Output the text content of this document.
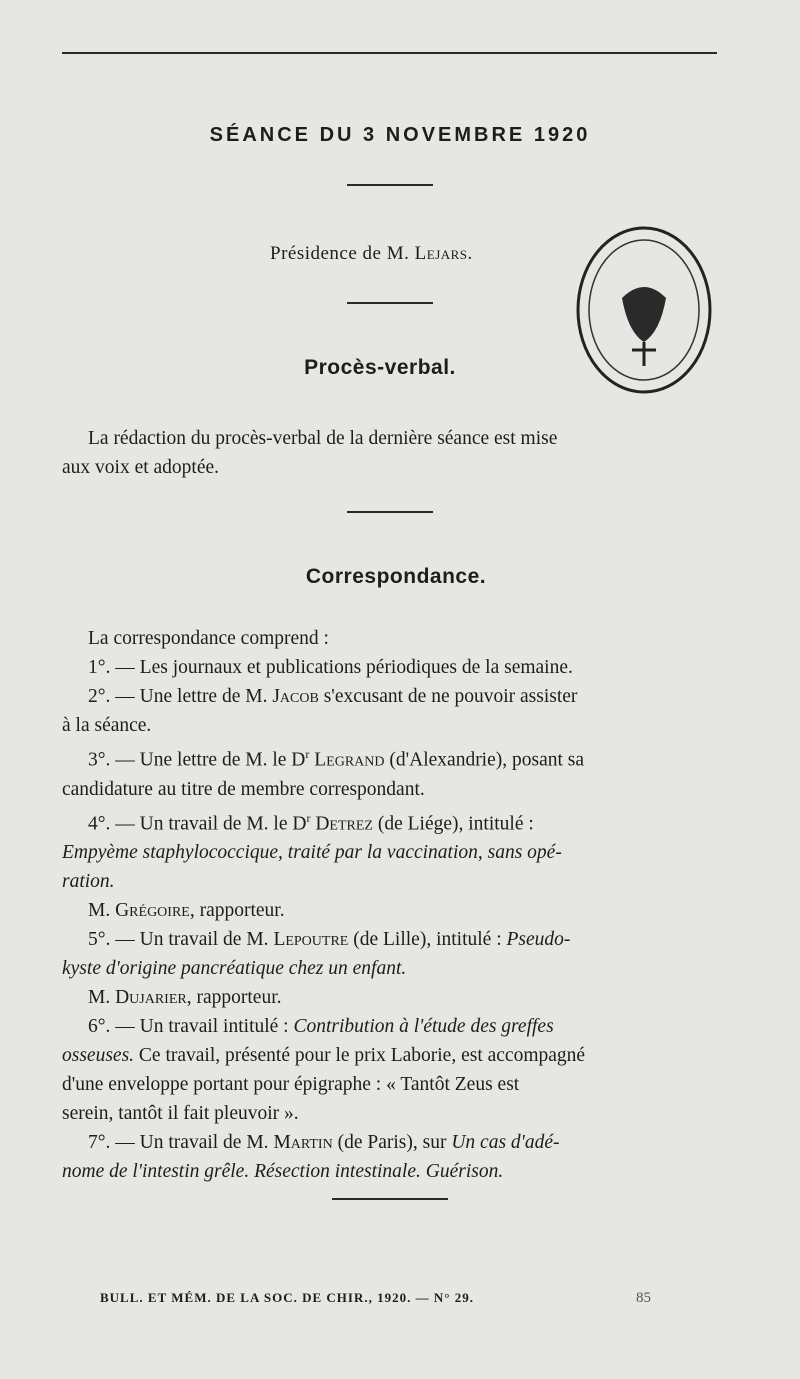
SÉANCE DU 3 NOVEMBRE 1920
Présidence de M. Lejars.
Procès-verbal.
La rédaction du procès-verbal de la dernière séance est mise
aux voix et adoptée.
Correspondance.
La correspondance comprend :
1°. — Les journaux et publications périodiques de la semaine.
2°. — Une lettre de M. Jacob s'excusant de ne pouvoir assister
à la séance.
3°. — Une lettre de M. le $D^r$ Legrand (d'Alexandrie), posant sa
candidature au titre de membre correspondant.
4°. — Un travail de M. le $D^r$ Detrez (de Liége), intitulé :
Empyème staphylococcique, traité par la vaccination, sans opé-
ration.
M. Grégoire, rapporteur.
5°. — Un travail de M. Lepoutre (de Lille), intitulé : Pseudo-
kyste d'origine pancréatique chez un enfant.
M. Dujarier, rapporteur.
6°. — Un travail intitulé : Contribution à l'étude des greffes
osseuses. Ce travail, présenté pour le prix Laborie, est accompagné
d'une enveloppe portant pour épigraphe : « Tantôt Zeus est
serein, tantôt il fait pleuvoir ».
7°. — Un travail de M. Martin (de Paris), sur Un cas d'adé-
nome de l'intestin grêle. Résection intestinale. Guérison.
BULL. ET MÉM. DE LA SOC. DE CHIR., 1920. — N° 29.	85
